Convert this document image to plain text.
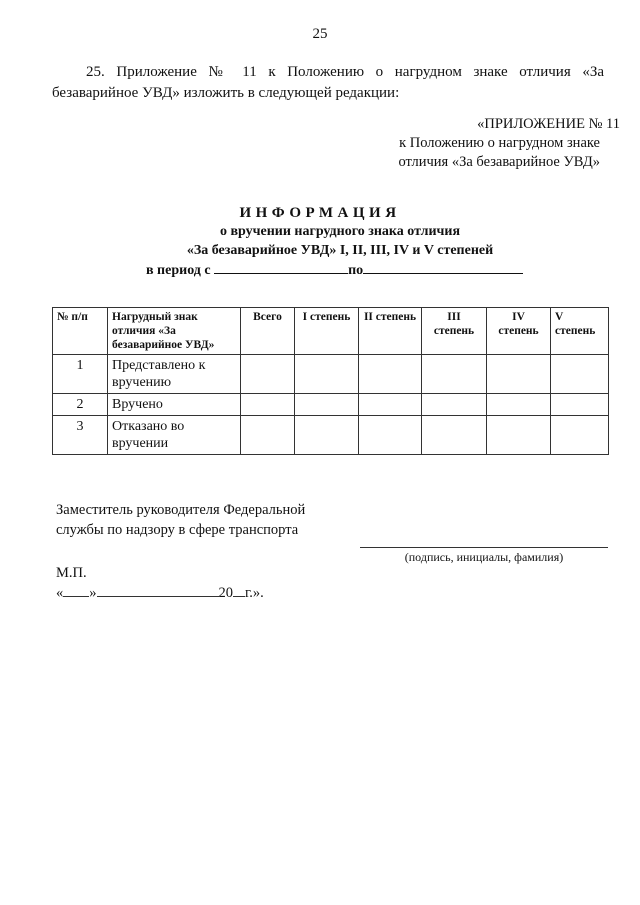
25
25. Приложение № 11 к Положению о нагрудном знаке отличия «За
безаварийное УВД» изложить в следующей редакции:
«ПРИЛОЖЕНИЕ № 11
к Положению о нагрудном знаке
отличия «За безаварийное УВД»
ИНФОРМАЦИЯ
о вручении нагрудного знака отличия
«За безаварийное УВД» I, II, III, IV и V степеней
в период с	по
№ п/п	Нагрудный знак отличия «За безаварийное УВД»	Всего	I степень	II степень	III степень	IV степень	V степень
1	Представлено к вручению						
2	Вручено						
3	Отказано во вручении						
Заместитель руководителя Федеральной
службы по надзору в сфере транспорта
(подпись, инициалы, фамилия)
М.П.
« »	20 г.».
